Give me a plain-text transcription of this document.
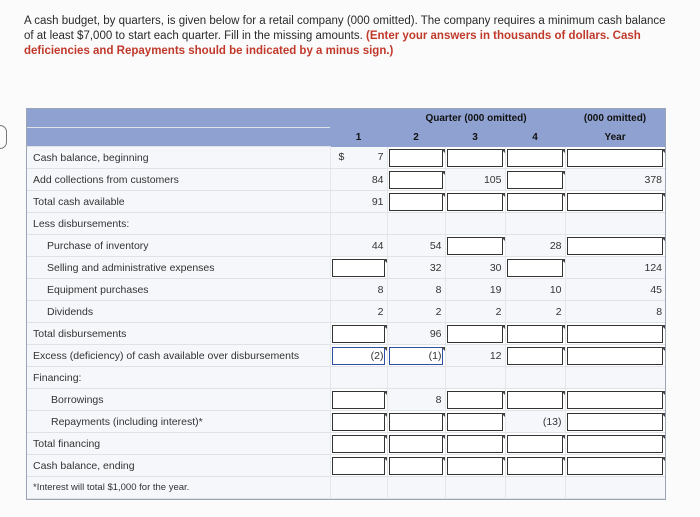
A cash budget, by quarters, is given below for a retail company (000 omitted). The company requires a minimum cash balance of at least $7,000 to start each quarter. Fill in the missing amounts. (Enter your answers in thousands of dollars. Cash deficiencies and Repayments should be indicated by a minus sign.)
		Quarter (000 omitted)			(000 omitted)
	1	2	3	4	Year
Cash balance, beginning	$ 7				
Add collections from customers	84		105		378
Total cash available	91				
Less disbursements:					
Purchase of inventory	44	54		28	
Selling and administrative expenses		32	30		124
Equipment purchases	8	8	19	10	45
Dividends	2	2	2	2	8
Total disbursements		96			
Excess (deficiency) of cash available over disbursements	(2)	(1)	12		
Financing:					
Borrowings		8			
Repayments (including interest)*				(13)	
Total financing					
Cash balance, ending					
*Interest will total $1,000 for the year.					
